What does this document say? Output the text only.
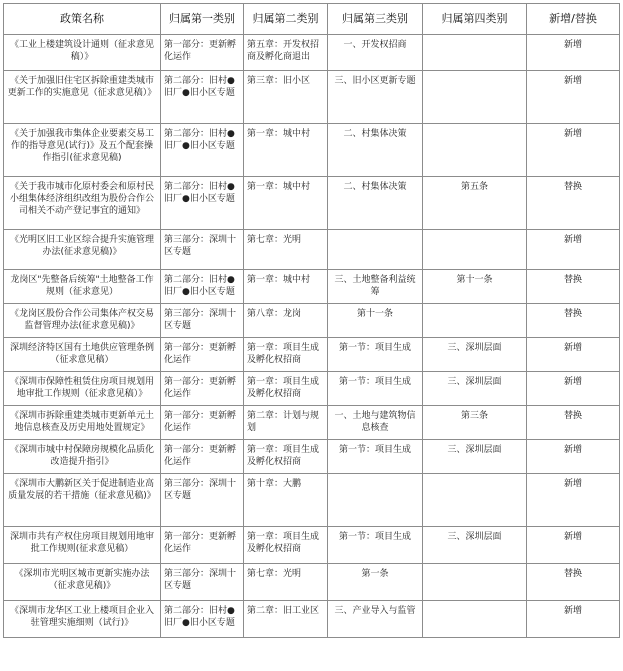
政策名称	归属第一类别	归属第二类别	归属第三类别	归属第四类别	新增/替换
《工业上楼建筑设计通则（征求意见稿）》	第一部分：更新孵化运作	第五章：开发权招商及孵化商退出	一、开发权招商		新增
《关于加强旧住宅区拆除重建类城市更新工作的实施意见（征求意见稿）》	第二部分：旧村●旧厂●旧小区专题	第三章：旧小区	三、旧小区更新专题		新增
《关于加强我市集体企业要素交易工作的指导意见(试行)》及五个配套操作指引(征求意见稿)	第二部分：旧村●旧厂●旧小区专题	第一章：城中村	二、村集体决策		新增
《关于我市城市化原村委会和原村民小组集体经济组织改组为股份合作公司相关不动产登记事宜的通知》	第二部分：旧村●旧厂●旧小区专题	第一章：城中村	二、村集体决策	第五条	替换
《光明区旧工业区综合提升实施管理办法(征求意见稿)》	第三部分：深圳十区专题	第七章：光明			新增
龙岗区"先整备后统筹"土地整备工作规则（征求意见）	第二部分：旧村●旧厂●旧小区专题	第一章：城中村	三、土地整备利益统筹	第十一条	替换
《龙岗区股份合作公司集体产权交易监督管理办法(征求意见稿)》	第三部分：深圳十区专题	第八章：龙岗	第十一条		替换
深圳经济特区国有土地供应管理条例（征求意见稿）	第一部分：更新孵化运作	第一章：项目生成及孵化权招商	第一节：项目生成	三、深圳层面	新增
《深圳市保障性租赁住房项目规划用地审批工作规则（征求意见稿）》	第一部分：更新孵化运作	第一章：项目生成及孵化权招商	第一节：项目生成	三、深圳层面	新增
《深圳市拆除重建类城市更新单元土地信息核查及历史用地处置规定》	第一部分：更新孵化运作	第二章：计划与规划	一、土地与建筑物信息核查	第三条	替换
《深圳市城中村保障房规模化品质化改造提升指引》	第一部分：更新孵化运作	第一章：项目生成及孵化权招商	第一节：项目生成	三、深圳层面	新增
《深圳市大鹏新区关于促进制造业高质量发展的若干措施（征求意见稿)》	第三部分：深圳十区专题	第十章：大鹏			新增
深圳市共有产权住房项目规划用地审批工作规则(征求意见稿）	第一部分：更新孵化运作	第一章：项目生成及孵化权招商	第一节：项目生成	三、深圳层面	新增
《深圳市光明区城市更新实施办法（征求意见稿)》	第三部分：深圳十区专题	第七章：光明	第一条		替换
《深圳市龙华区工业上楼项目企业入驻管理实施细则（试行)》	第二部分：旧村●旧厂●旧小区专题	第二章：旧工业区	三、产业导入与监管		新增
